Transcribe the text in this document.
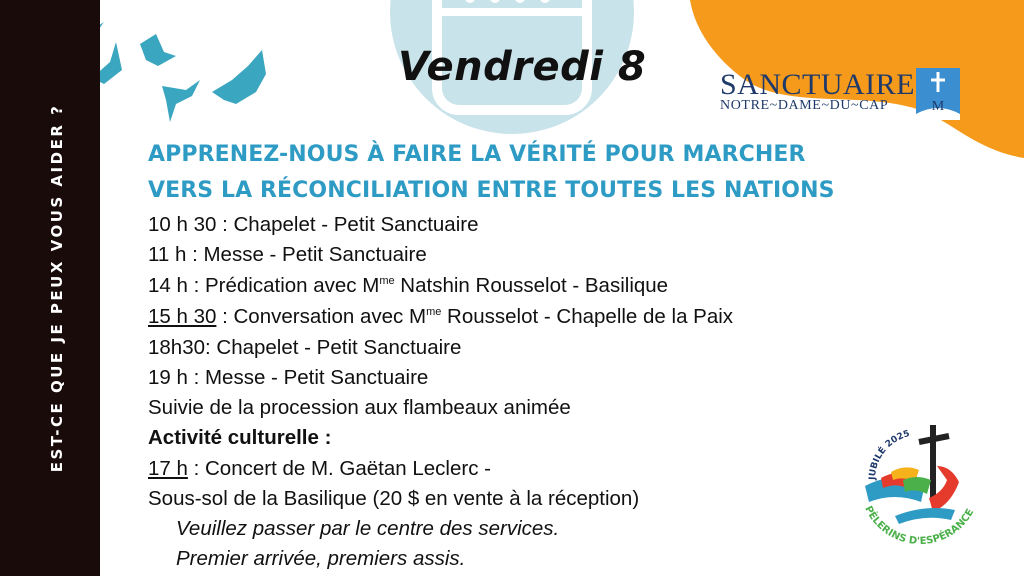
EST-CE QUE JE PEUX VOUS AIDER ?
Vendredi 8 SANCTUAIRE
NOTRE~DAME~DU~CAP	M
APPRENEZ-NOUS À FAIRE LA VÉRITÉ POUR MARCHER
VERS LA RÉCONCILIATION ENTRE TOUTES LES NATIONS
10 h 30 : Chapelet - Petit Sanctuaire
11 h : Messe - Petit Sanctuaire
14 h : Prédication avec $M^{me}$ Natshin Rousselot - Basilique
15 h 30 : Conversation avec $M^{me}$ Rousselot - Chapelle de la Paix
18h30: Chapelet - Petit Sanctuaire
19 h : Messe - Petit Sanctuaire
Suivie de la procession aux flambeaux animée
Activité culturelle :
17 h : Concert de M. Gaëtan Leclerc -
Sous-sol de la Basilique (20 $ en vente à la réception)
Veuillez passer par le centre des services.
Premier arrivée, premiers assis.
JUBILÉ 2025
PÈLERINS D'ESPÉRANCE
